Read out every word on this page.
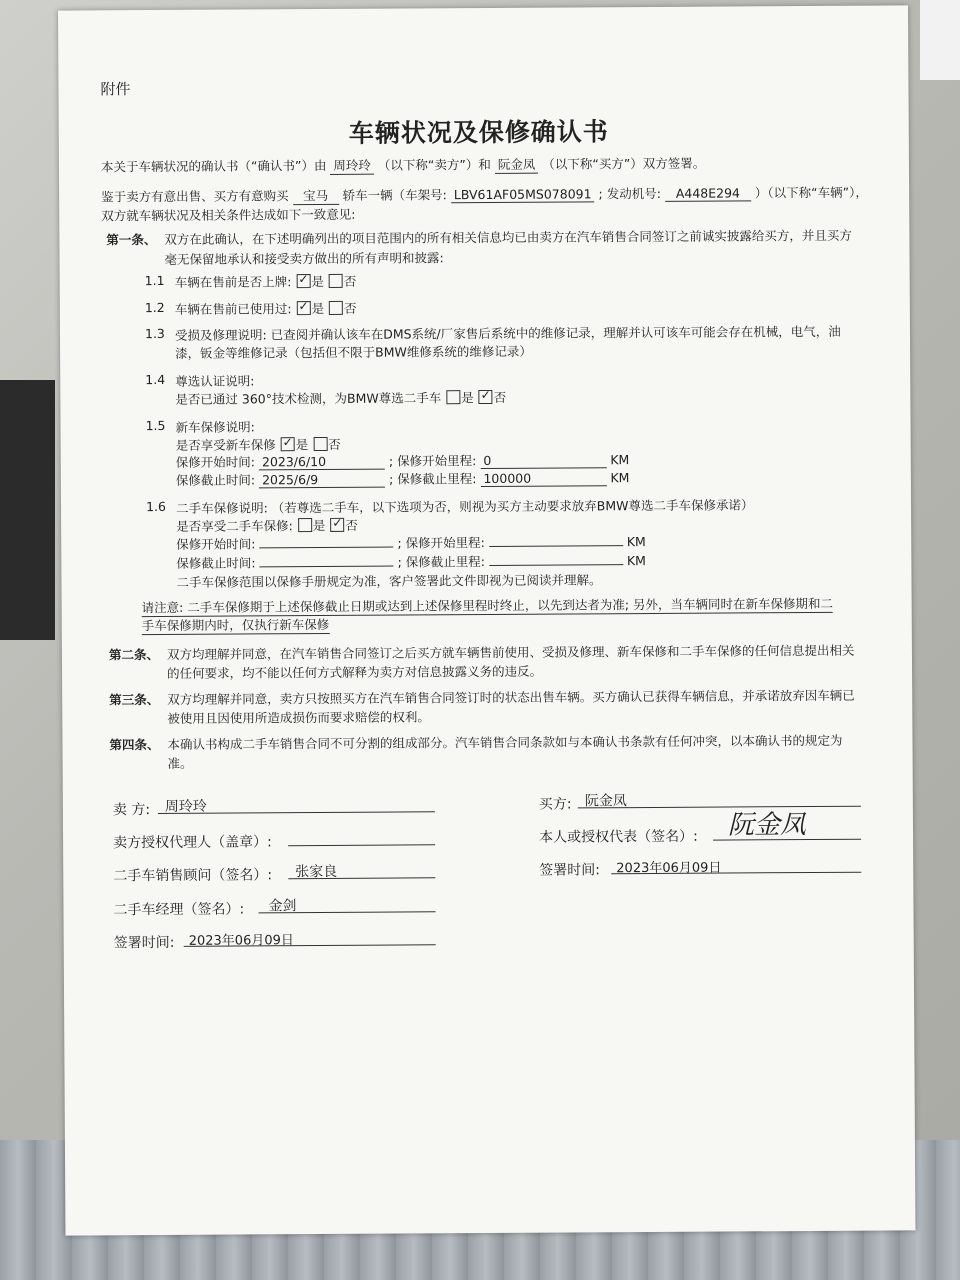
附件
车辆状况及保修确认书
本关于车辆状况的确认书（“确认书”）由 周玲玲 （以下称“卖方”）和 阮金凤 （以下称“买方”）双方签署。
鉴于卖方有意出售、买方有意购买 宝马 轿车一辆（车架号: LBV61AF05MS078091 ; 发动机号: A448E294 ）（以下称“车辆”），
双方就车辆状况及相关条件达成如下一致意见:
第一条、 双方在此确认，在下述明确列出的项目范围内的所有相关信息均已由卖方在汽车销售合同签订之前诚实披露给买方，并且买方
毫无保留地承认和接受卖方做出的所有声明和披露:
1.1 车辆在售前是否上牌: ✓ 是 否
1.2 车辆在售前已使用过: ✓ 是 否
1.3 受损及修理说明: 已查阅并确认该车在DMS系统/厂家售后系统中的维修记录，理解并认可该车可能会存在机械，电气，油
漆，钣金等维修记录（包括但不限于BMW维修系统的维修记录）
1.4 尊选认证说明:
是否已通过 360°技术检测，为BMW尊选二手车 是 ✓ 否
1.5 新车保修说明:
是否享受新车保修 ✓ 是 否
保修开始时间: 2023/6/10	; 保修开始里程: 0	KM
保修截止时间: 2025/6/9	; 保修截止里程: 100000	KM
1.6 二手车保修说明: （若尊选二手车，以下选项为否，则视为买方主动要求放弃BMW尊选二手车保修承诺）
是否享受二手车保修: 是 ✓ 否
保修开始时间:	; 保修开始里程:	KM
保修截止时间:	; 保修截止里程:	KM
二手车保修范围以保修手册规定为准，客户签署此文件即视为已阅读并理解。
请注意: 二手车保修期于上述保修截止日期或达到上述保修里程时终止，以先到达者为准; 另外，当车辆同时在新车保修期和二
手车保修期内时，仅执行新车保修
第二条、 双方均理解并同意，在汽车销售合同签订之后买方就车辆售前使用、受损及修理、新车保修和二手车保修的任何信息提出相关
的任何要求，均不能以任何方式解释为卖方对信息披露义务的违反。
第三条、 双方均理解并同意，卖方只按照买方在汽车销售合同签订时的状态出售车辆。买方确认已获得车辆信息，并承诺放弃因车辆已
被使用且因使用所造成损伤而要求赔偿的权利。
第四条、 本确认书构成二手车销售合同不可分割的组成部分。汽车销售合同条款如与本确认书条款有任何冲突，以本确认书的规定为
准。
卖 方: 周玲玲
卖方授权代理人（盖章）:
二手车销售顾问（签名）: 张家良
二手车经理（签名）: 金剑
签署时间: 2023年06月09日
买方: 阮金凤
本人或授权代表（签名）: 阮金凤
签署时间: 2023年06月09日
